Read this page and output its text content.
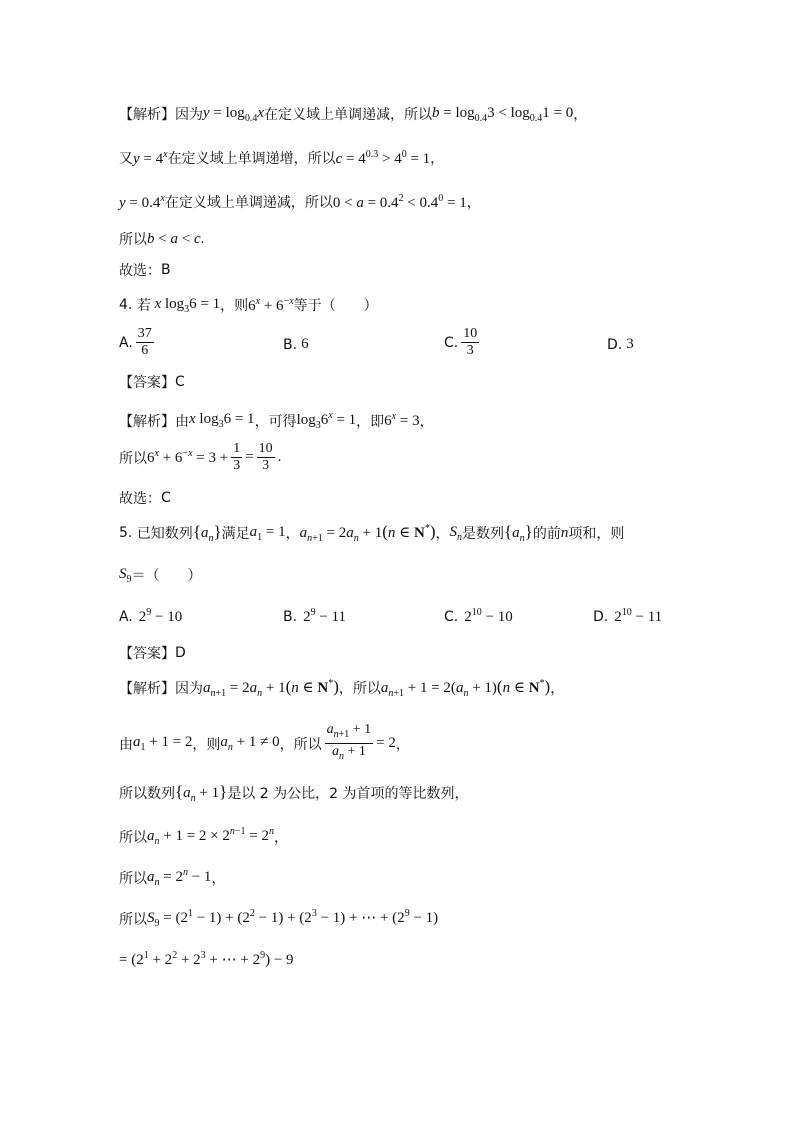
【解析】 因为 $y = \log_{0.4}x$ 在定义域上单调递减， 所以 $b = \log_{0.4}3 < \log_{0.4}1 = 0$ ，
又 $y = 4^x$ 在定义域上单调递增， 所以 $c = 4^{0.3} > 4^0 = 1$ ，
$y = 0.4^x$ 在定义域上单调递减， 所以 $0 < a = 0.4^2 < 0.4^0 = 1$ ，
所以 b < a < c.
故选： B
4.
若 x $\log_36 = 1$ ，则 $6^x + 6^{-x}$ 等于（　　）
A. $\frac{37}{6}$	B. 6	C. $\frac{10}{3}$	D. 3
【答案】 C
【解析】 由 x $\log_36 = 1$ ，可得 $\log_36^x = 1$ ，即 $6^x = 3$ ，
所以 $6^x + 6^{-x} = 3 + \frac{1}{3} = \frac{10}{3}$ .
故选： C
5.
已知数列 $\{a_n\}$ 满足 $a_1 = 1$ ， $a_{n+1} = 2a_n + 1(n$ ∈ N*) ， $S_n$ 是数列 $\{a_n\}$ 的前 n 项和，则
$S_9$ ＝（　　）
A. $2^9 - 10$	B. $2^9 - 11$	C. $2^{10} - 10$	D. $2^{10} - 11$
【答案】 D
【解析】 因为 $a_{n+1} = 2a_n + 1(n$ ∈ N*) ， 所以 $a_{n+1} + 1 = 2(a_n + 1)(n$ ∈ N*) ，
由 $a_1 + 1 = 2$ ，则 $a_n + 1 \ne 0$ ， 所以 $\frac{a_{n+1} + 1}{a_n + 1} = 2$ ，
所以 数列 $\{a_n + 1\}$ 是以 2 为公比，2 为首项的等比数列，
所以 $a_n + 1 = 2 \times 2^{n-1} = 2^n$ ，
所以 $a_n = 2^n - 1$ ，
所以 $S_9 = (2^1 - 1) + (2^2 - 1) + (2^3 - 1)$ + ⋯ + $(2^9 - 1)$
= ($2^1 + 2^2 + 2^3$ + ⋯ + $2^9) - 9$
